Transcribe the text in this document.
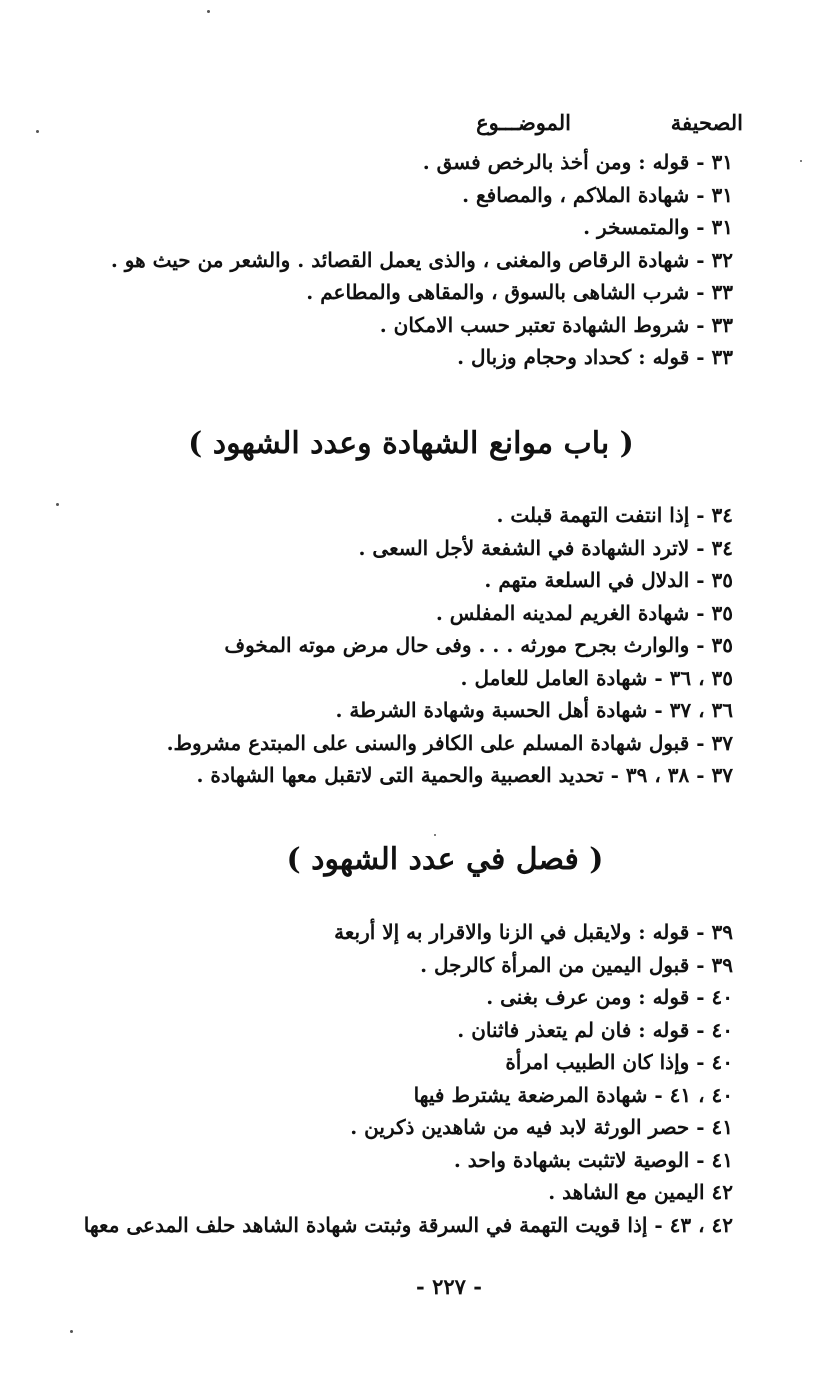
الصحيفة
الموضـــوع
٣١ - قوله : ومن أخذ بالرخص فسق .
٣١ - شهادة الملاكم ، والمصافع .
٣١ - والمتمسخر .
٣٢ - شهادة الرقاص والمغنى ، والذى يعمل القصائد . والشعر من حيث هو .
٣٣ - شرب الشاهى بالسوق ، والمقاهى والمطاعم .
٣٣ - شروط الشهادة تعتبر حسب الامكان .
٣٣ - قوله : كحداد وحجام وزبال .
( باب موانع الشهادة وعدد الشهود )
٣٤ - إذا انتفت التهمة قبلت .
٣٤ - لاترد الشهادة في الشفعة لأجل السعى .
٣٥ - الدلال في السلعة متهم .
٣٥ - شهادة الغريم لمدينه المفلس .
٣٥ - والوارث بجرح مورثه . . . وفى حال مرض موته المخوف
٣٥ ، ٣٦ - شهادة العامل للعامل .
٣٦ ، ٣٧ - شهادة أهل الحسبة وشهادة الشرطة .
٣٧ - قبول شهادة المسلم على الكافر والسنى على المبتدع مشروط.
٣٧ - ٣٨ ، ٣٩ - تحديد العصبية والحمية التى لاتقبل معها الشهادة .
( فصل في عدد الشهود )
٣٩ - قوله : ولايقبل في الزنا والاقرار به إلا أربعة
٣٩ - قبول اليمين من المرأة كالرجل .
٤٠ - قوله : ومن عرف بغنى .
٤٠ - قوله : فان لم يتعذر فاثنان .
٤٠ - وإذا كان الطبيب امرأة
٤٠ ، ٤١ - شهادة المرضعة يشترط فيها
٤١ - حصر الورثة لابد فيه من شاهدين ذكرين .
٤١ - الوصية لاتثبت بشهادة واحد .
٤٢ اليمين مع الشاهد .
٤٢ ، ٤٣ - إذا قويت التهمة في السرقة وثبتت شهادة الشاهد حلف المدعى معها
- ٢٢٧ -
